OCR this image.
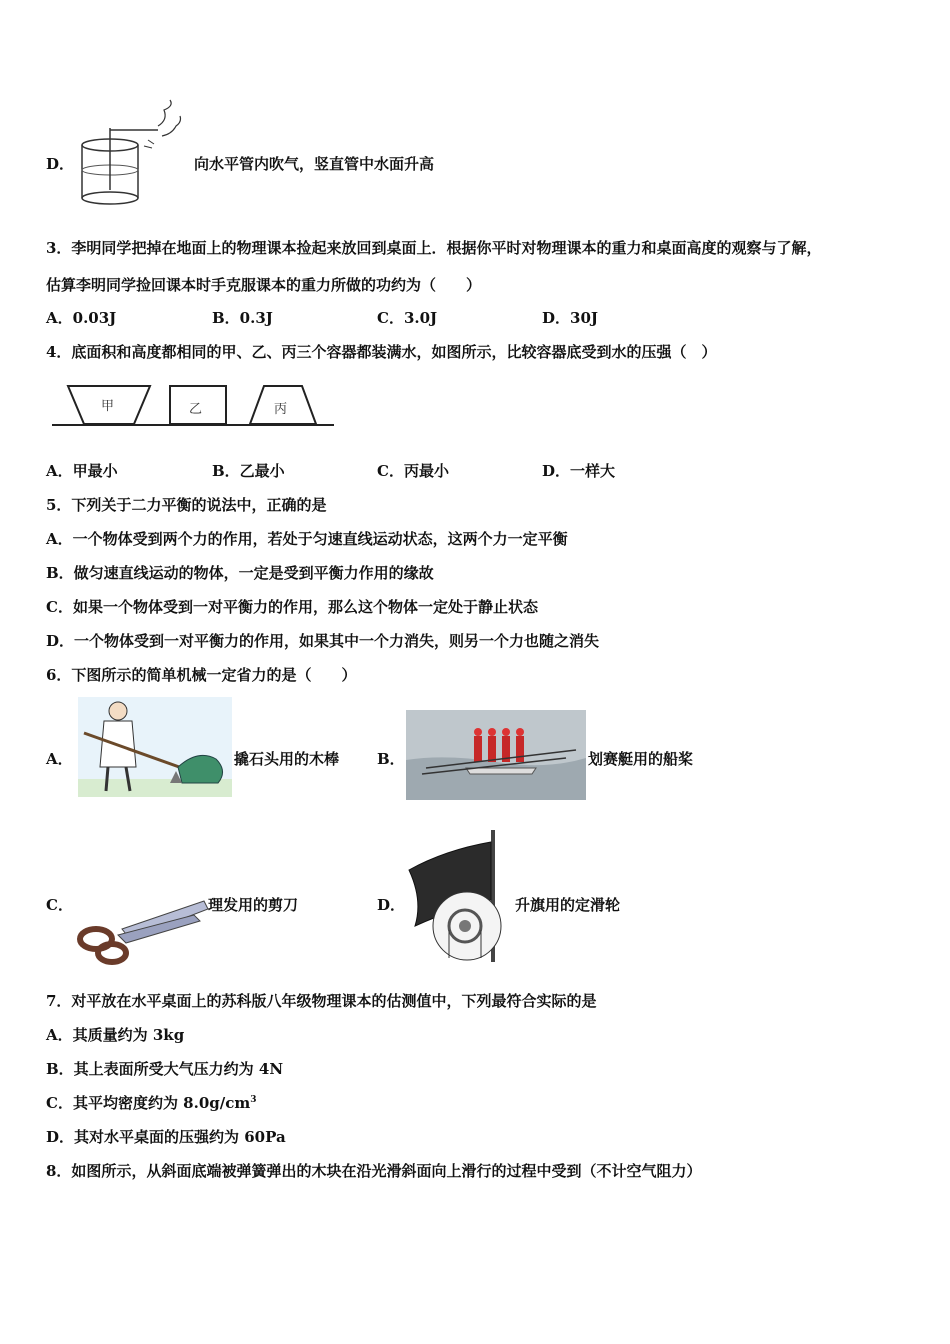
D．	向水平管内吹气，竖直管中水面升高
3．李明同学把掉在地面上的物理课本捡起来放回到桌面上．根据你平时对物理课本的重力和桌面高度的观察与了解，
估算李明同学捡回课本时手克服课本的重力所做的功约为（　　）
A．0.03J	B．0.3J	C．3.0J	D．30J
4．底面积和高度都相同的甲、乙、丙三个容器都装满水，如图所示，比较容器底受到水的压强（　）
甲	乙	丙
A．甲最小	B．乙最小	C．丙最小	D．一样大
5．下列关于二力平衡的说法中，正确的是
A．一个物体受到两个力的作用，若处于匀速直线运动状态，这两个力一定平衡
B．做匀速直线运动的物体，一定是受到平衡力作用的缘故
C．如果一个物体受到一对平衡力的作用，那么这个物体一定处于静止状态
D．一个物体受到一对平衡力的作用，如果其中一个力消失，则另一个力也随之消失
6．下图所示的简单机械一定省力的是（　　）
A．	撬石头用的木棒	B．	划赛艇用的船桨
C．	理发用的剪刀	D．	升旗用的定滑轮
7．对平放在水平桌面上的苏科版八年级物理课本的估测值中，下列最符合实际的是
A．其质量约为 3kg
B．其上表面所受大气压力约为 4N
C．其平均密度约为 $8.0g/cm^3$
D．其对水平桌面的压强约为 60Pa
8．如图所示，从斜面底端被弹簧弹出的木块在沿光滑斜面向上滑行的过程中受到（不计空气阻力）
